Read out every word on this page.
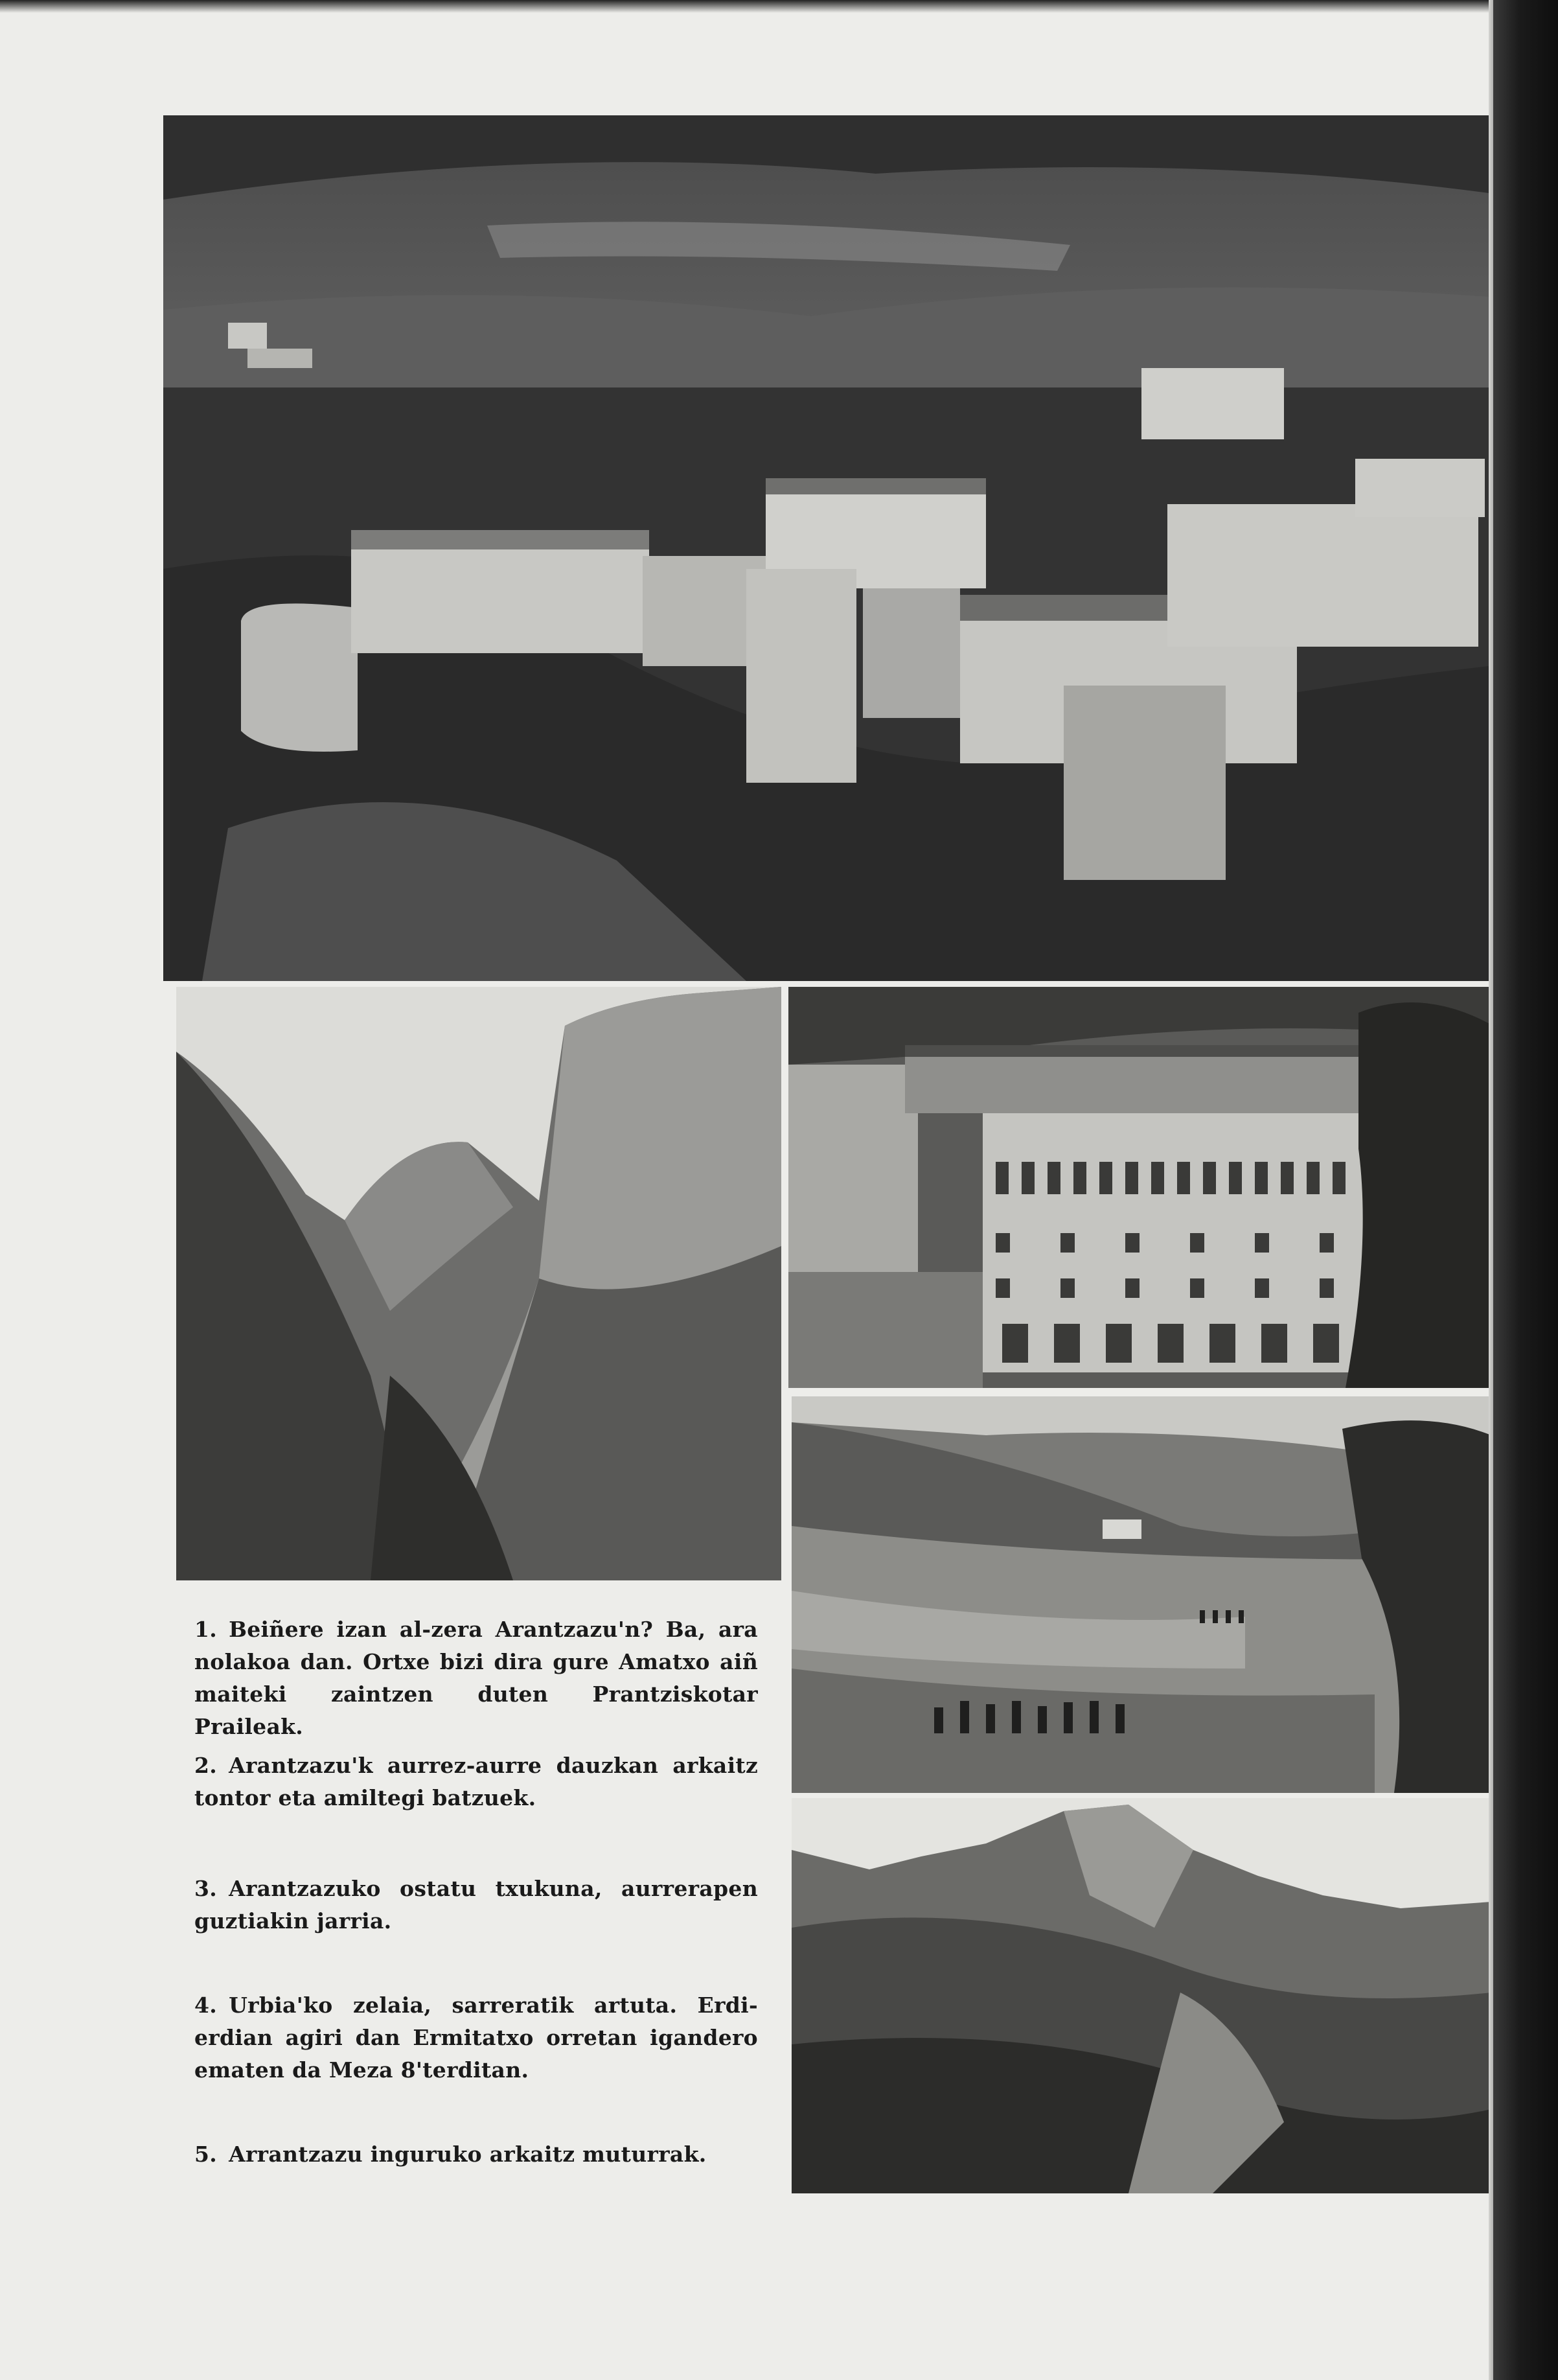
1. Beiñere izan al-zera Arantzazu'n? Ba, ara nolakoa dan. Ortxe bizi dira gure Amatxo aiñ maiteki zaintzen duten Prantziskotar Praileak.

2. Arantzazu'k aurrez-aurre dauzkan arkaitz tontor eta amiltegi batzuek.

3. Arantzazuko ostatu txukuna, aurrerapen guztiakin jarria.

4. Urbia'ko zelaia, sarreratik artuta. Erdi-erdian agiri dan Ermitatxo orretan igandero ematen da Meza 8'terditan.

5. Arrantzazu inguruko arkaitz muturrak.
